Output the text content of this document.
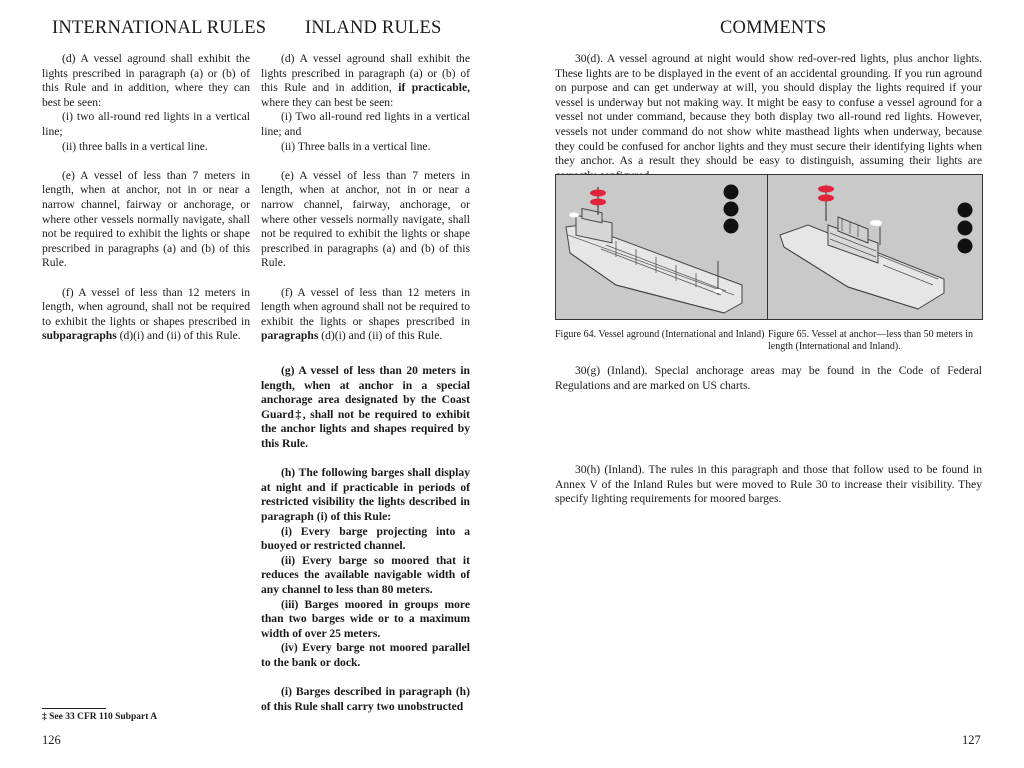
INTERNATIONAL RULES INLAND RULES	COMMENTS

(d) A vessel aground shall exhibit the lights prescribed in paragraph (a) or (b) of this Rule and in addition, where they can best be seen:

(i) two all-round red lights in a vertical line;

(ii) three balls in a vertical line.

(e) A vessel of less than 7 meters in length, when at anchor, not in or near a narrow channel, fairway or anchorage, or where other vessels normally navigate, shall not be required to exhibit the lights or shape prescribed in paragraphs (a) and (b) of this Rule.

(f) A vessel of less than 12 meters in length, when aground, shall not be required to exhibit the lights or shapes prescribed in subparagraphs (d)(i) and (ii) of this Rule.

(d) A vessel aground shall exhibit the lights prescribed in paragraph (a) or (b) of this Rule and in addition, if practicable, where they can best be seen:

(i) Two all-round red lights in a vertical line; and

(ii) Three balls in a vertical line.

(e) A vessel of less than 7 meters in length, when at anchor, not in or near a narrow channel, fairway, anchorage, or where other vessels normally navigate, shall not be required to exhibit the lights or shape prescribed in paragraphs (a) and (b) of this Rule.

(f) A vessel of less than 12 meters in length when aground shall not be required to exhibit the lights or shapes prescribed in paragraphs (d)(i) and (ii) of this Rule.

(g) A vessel of less than 20 meters in length, when at anchor in a special anchorage area designated by the Coast Guard‡, shall not be required to exhibit the anchor lights and shapes required by this Rule.

(h) The following barges shall display at night and if practicable in periods of restricted visibility the lights described in paragraph (i) of this Rule:

(i) Every barge projecting into a buoyed or restricted channel.

(ii) Every barge so moored that it reduces the available navigable width of any channel to less than 80 meters.

(iii) Barges moored in groups more than two barges wide or to a maximum width of over 25 meters.

(iv) Every barge not moored parallel to the bank or dock.

(i) Barges described in paragraph (h) of this Rule shall carry two unobstructed

30(d). A vessel aground at night would show red-over-red lights, plus anchor lights. These lights are to be displayed in the event of an accidental grounding. If you run aground on purpose and can get underway at will, you should display the lights required if your vessel is underway but not making way. It might be easy to confuse a vessel aground for a vessel not under command, because they both display two all-round red lights. However, vessels not under command do not show white masthead lights when underway, because they could be confused for anchor lights and they must secure their identifying lights when they anchor. As a result they should be easy to distinguish, assuming their lights are

Figure 64. Vessel aground (International and Inland) Figure 65. Vessel at anchor—less than 50 meters in length (International and Inland).

30(g) (Inland). Special anchorage areas may be found in the Code of Federal Regulations and are marked on US charts.

30(h) (Inland). The rules in this paragraph and those that follow used to be found in Annex V of the Inland Rules but were moved to Rule 30 to increase their visibility. They specify lighting requirements for moored barges.

‡ See 33 CFR 110 Subpart A
126	127
